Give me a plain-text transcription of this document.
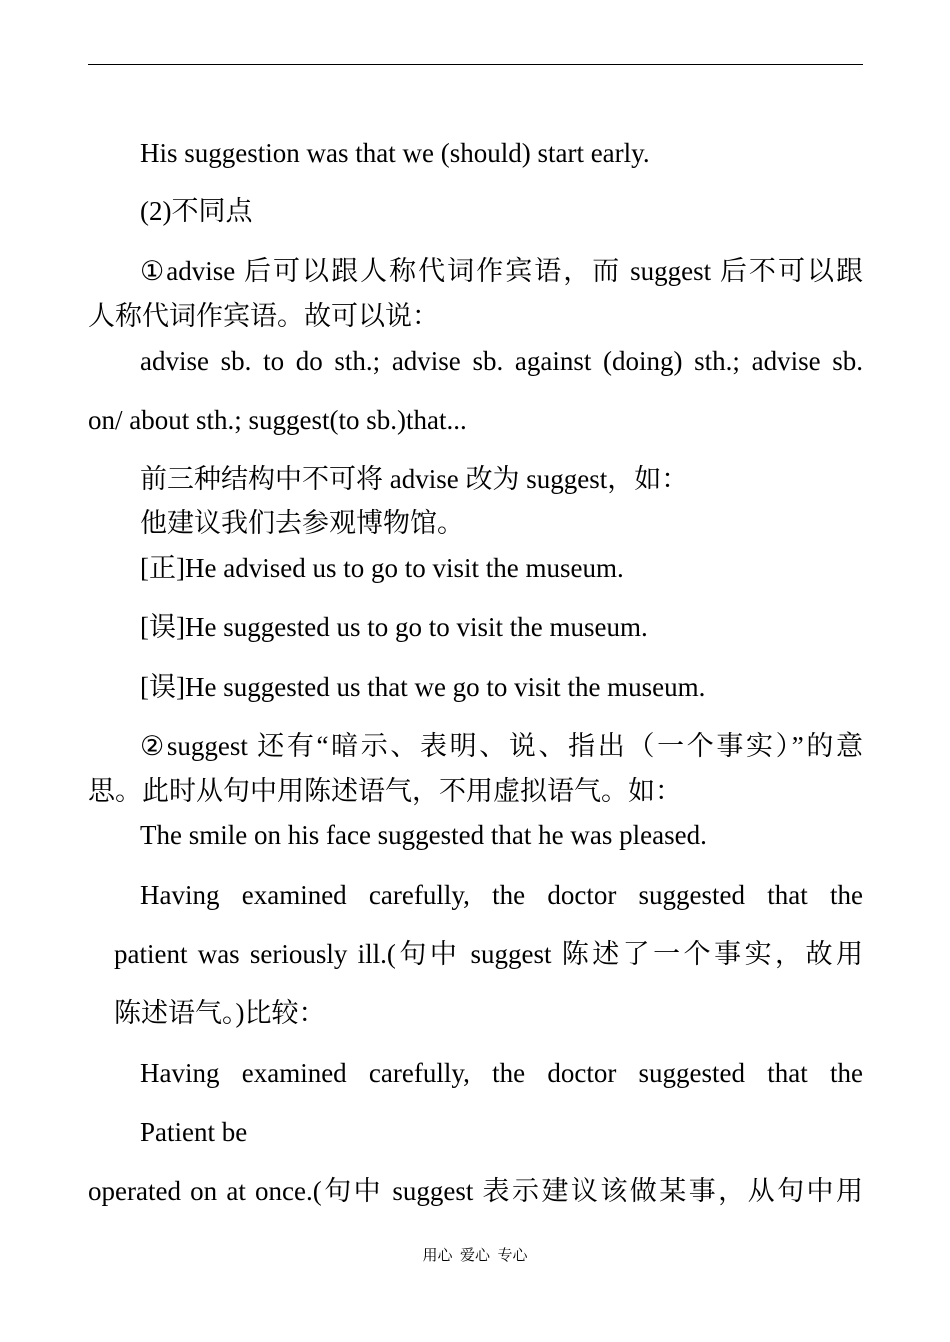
His suggestion was that we (should) start early.

(2)不同点

①advise 后可以跟人称代词作宾语，而 suggest 后不可以跟

人称代词作宾语。故可以说：

advise sb. to do sth.; advise sb. against (doing) sth.; advise sb.

on/ about sth.; suggest(to sb.)that...

前三种结构中不可将 advise 改为 suggest，如：

他建议我们去参观博物馆。

[正]He advised us to go to visit the museum.

[误]He suggested us to go to visit the museum.

[误]He suggested us that we go to visit the museum.

②suggest 还有“暗示、表明、说、指出（一个事实）”的意

思。此时从句中用陈述语气，不用虚拟语气。如：

The smile on his face suggested that he was pleased.

Having examined carefully, the doctor suggested that the

patient was seriously ill.(句中 suggest 陈述了一个事实，故用

陈述语气。)比较：

Having examined carefully, the doctor suggested that the

Patient be

operated on at once.(句中 suggest 表示建议该做某事，从句中用

用心  爱心  专心
